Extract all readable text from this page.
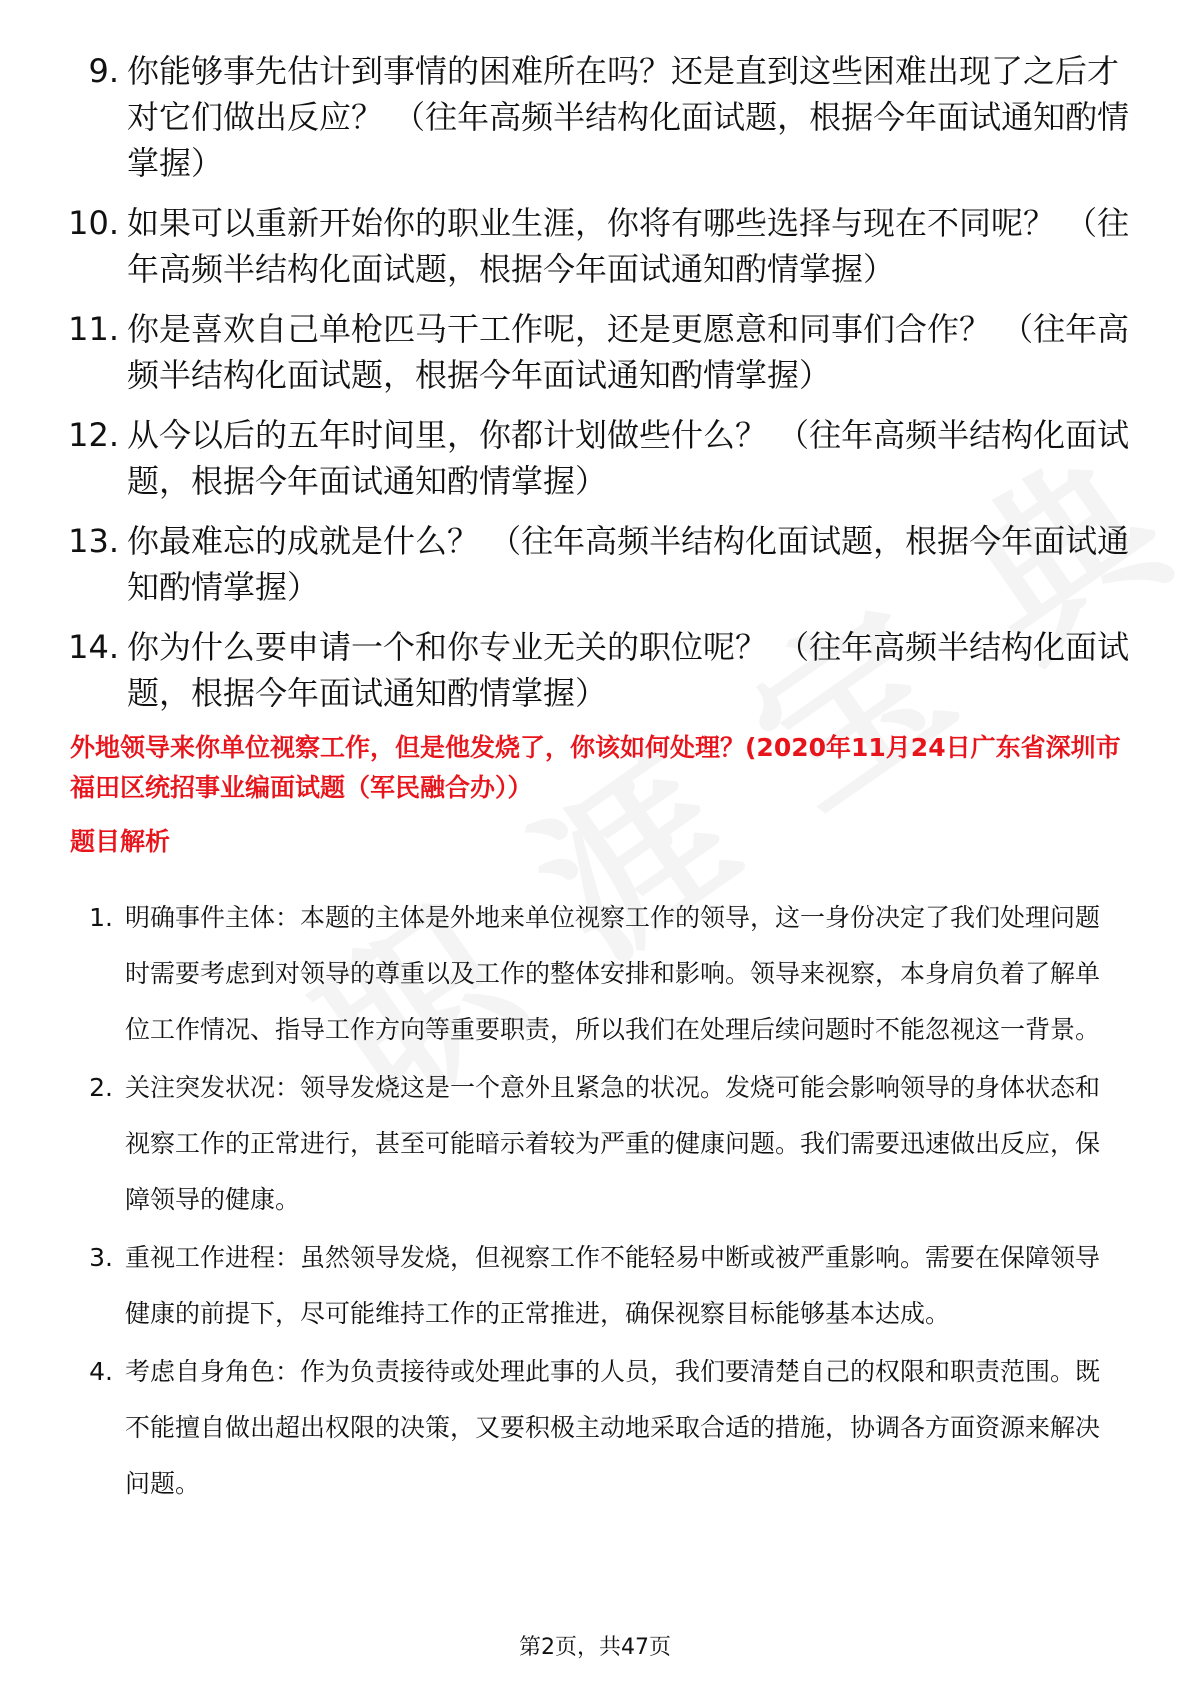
9. 你能够事先估计到事情的困难所在吗？还是直到这些困难出现了之后才对它们做出反应？ （往年高频半结构化面试题，根据今年面试通知酌情掌握）
10. 如果可以重新开始你的职业生涯，你将有哪些选择与现在不同呢？ （往年高频半结构化面试题，根据今年面试通知酌情掌握）
11. 你是喜欢自己单枪匹马干工作呢，还是更愿意和同事们合作？ （往年高频半结构化面试题，根据今年面试通知酌情掌握）
12. 从今以后的五年时间里，你都计划做些什么？ （往年高频半结构化面试题，根据今年面试通知酌情掌握）
13. 你最难忘的成就是什么？ （往年高频半结构化面试题，根据今年面试通知酌情掌握）
14. 你为什么要申请一个和你专业无关的职位呢？ （往年高频半结构化面试题，根据今年面试通知酌情掌握）
外地领导来你单位视察工作，但是他发烧了，你该如何处理？(2020年11月24日广东省深圳市福田区统招事业编面试题（军民融合办））
题目解析
1. 明确事件主体：本题的主体是外地来单位视察工作的领导，这一身份决定了我们处理问题时需要考虑到对领导的尊重以及工作的整体安排和影响。领导来视察，本身肩负着了解单位工作情况、指导工作方向等重要职责，所以我们在处理后续问题时不能忽视这一背景。
2. 关注突发状况：领导发烧这是一个意外且紧急的状况。发烧可能会影响领导的身体状态和视察工作的正常进行，甚至可能暗示着较为严重的健康问题。我们需要迅速做出反应，保障领导的健康。
3. 重视工作进程：虽然领导发烧，但视察工作不能轻易中断或被严重影响。需要在保障领导健康的前提下，尽可能维持工作的正常推进，确保视察目标能够基本达成。
4. 考虑自身角色：作为负责接待或处理此事的人员，我们要清楚自己的权限和职责范围。既不能擅自做出超出权限的决策，又要积极主动地采取合适的措施，协调各方面资源来解决问题。
第2页，共47页
